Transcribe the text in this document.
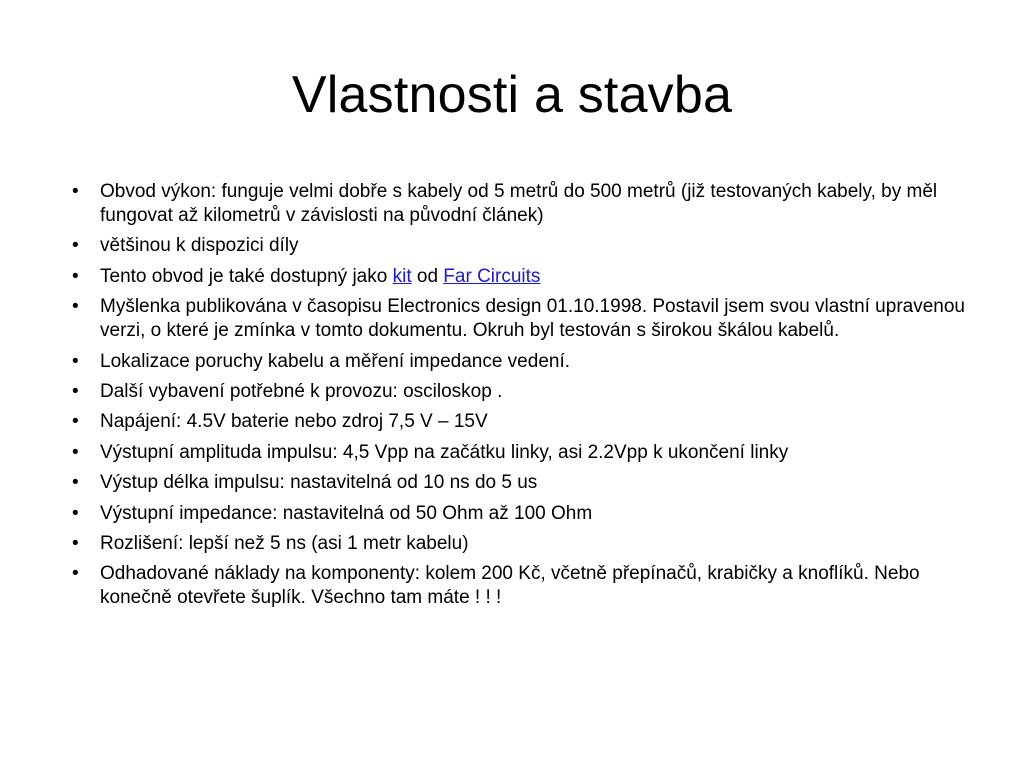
Vlastnosti a stavba
•	Obvod výkon: funguje velmi dobře s kabely od 5 metrů do 500 metrů (již testovaných kabely, by měl fungovat až kilometrů v závislosti na původní článek)
•	většinou k dispozici díly
•	Tento obvod je také dostupný jako kit od Far Circuits
•	Myšlenka publikována v časopisu Electronics design 01.10.1998. Postavil jsem svou vlastní upravenou verzi, o které je zmínka v tomto dokumentu. Okruh byl testován s širokou škálou kabelů.
•	Lokalizace poruchy kabelu a měření impedance vedení.
•	Další vybavení potřebné k provozu: osciloskop .
•	Napájení: 4.5V baterie nebo zdroj 7,5 V – 15V
•	Výstupní amplituda impulsu: 4,5 Vpp na začátku linky, asi 2.2Vpp k ukončení linky
•	Výstup délka impulsu: nastavitelná od 10 ns do 5 us
•	Výstupní impedance: nastavitelná od 50 Ohm až 100 Ohm
•	Rozlišení: lepší než 5 ns (asi 1 metr kabelu)
•	Odhadované náklady na komponenty: kolem 200 Kč, včetně přepínačů, krabičky a knoflíků. Nebo konečně otevřete šuplík. Všechno tam máte ! ! !
